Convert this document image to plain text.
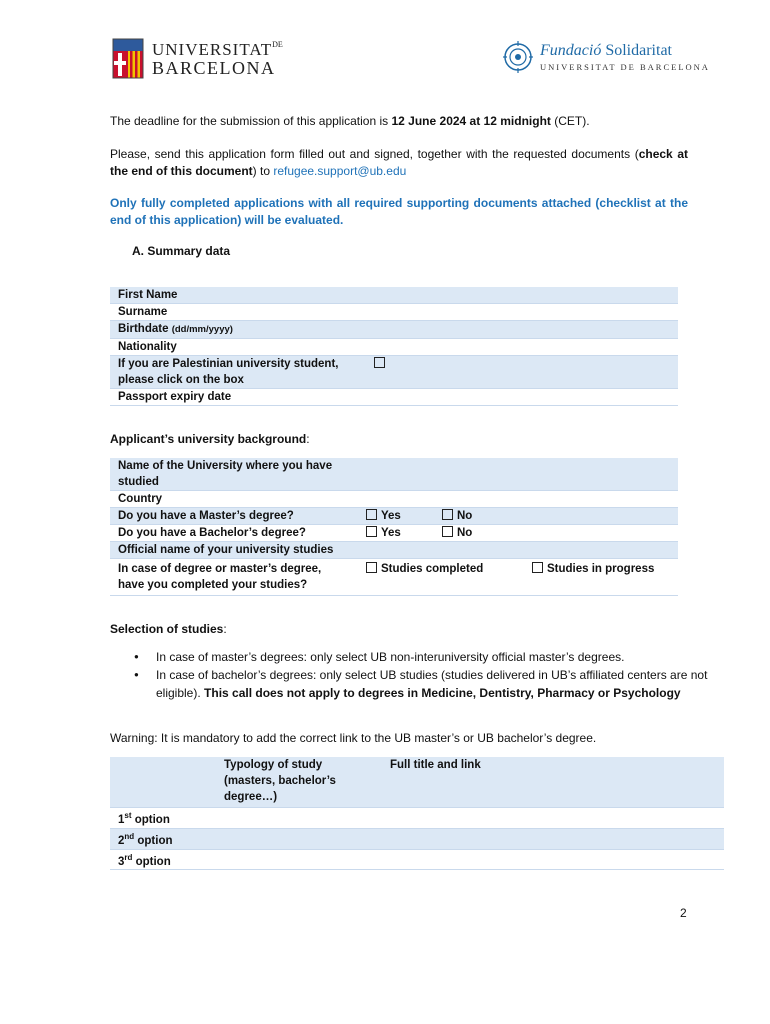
$UNIVERSITAT^{DE}$
BARCELONA
Fundació Solidaritat
UNIVERSITAT DE BARCELONA
The deadline for the submission of this application is 12 June 2024 at 12 midnight (CET).
Please, send this application form filled out and signed, together with the requested documents (check at the end of this document) to refugee.support@ub.edu
Only fully completed applications with all required supporting documents attached (checklist at the end of this application) will be evaluated.
A. Summary data
First Name	
Surname	
Birthdate (dd/mm/yyyy)	
Nationality	
If you are Palestinian university student, please click on the box	
Passport expiry date	
Applicant’s university background:
Name of the University where you have studied			
Country			
Do you have a Master’s degree?	Yes	No	
Do you have a Bachelor’s degree?	Yes	No	
Official name of your university studies			
In case of degree or master’s degree, have you completed your studies?	Studies completed		Studies in progress
Selection of studies:
● In case of master’s degrees: only select UB non-interuniversity official master’s degrees.
● In case of bachelor’s degrees: only select UB studies (studies delivered in UB’s affiliated centers are not eligible). This call does not apply to degrees in Medicine, Dentistry, Pharmacy or Psychology
Warning: It is mandatory to add the correct link to the UB master’s or UB bachelor’s degree.
	Typology of study (masters, bachelor’s degree…)	Full title and link
1st option		
2nd option		
3rd option		
2
